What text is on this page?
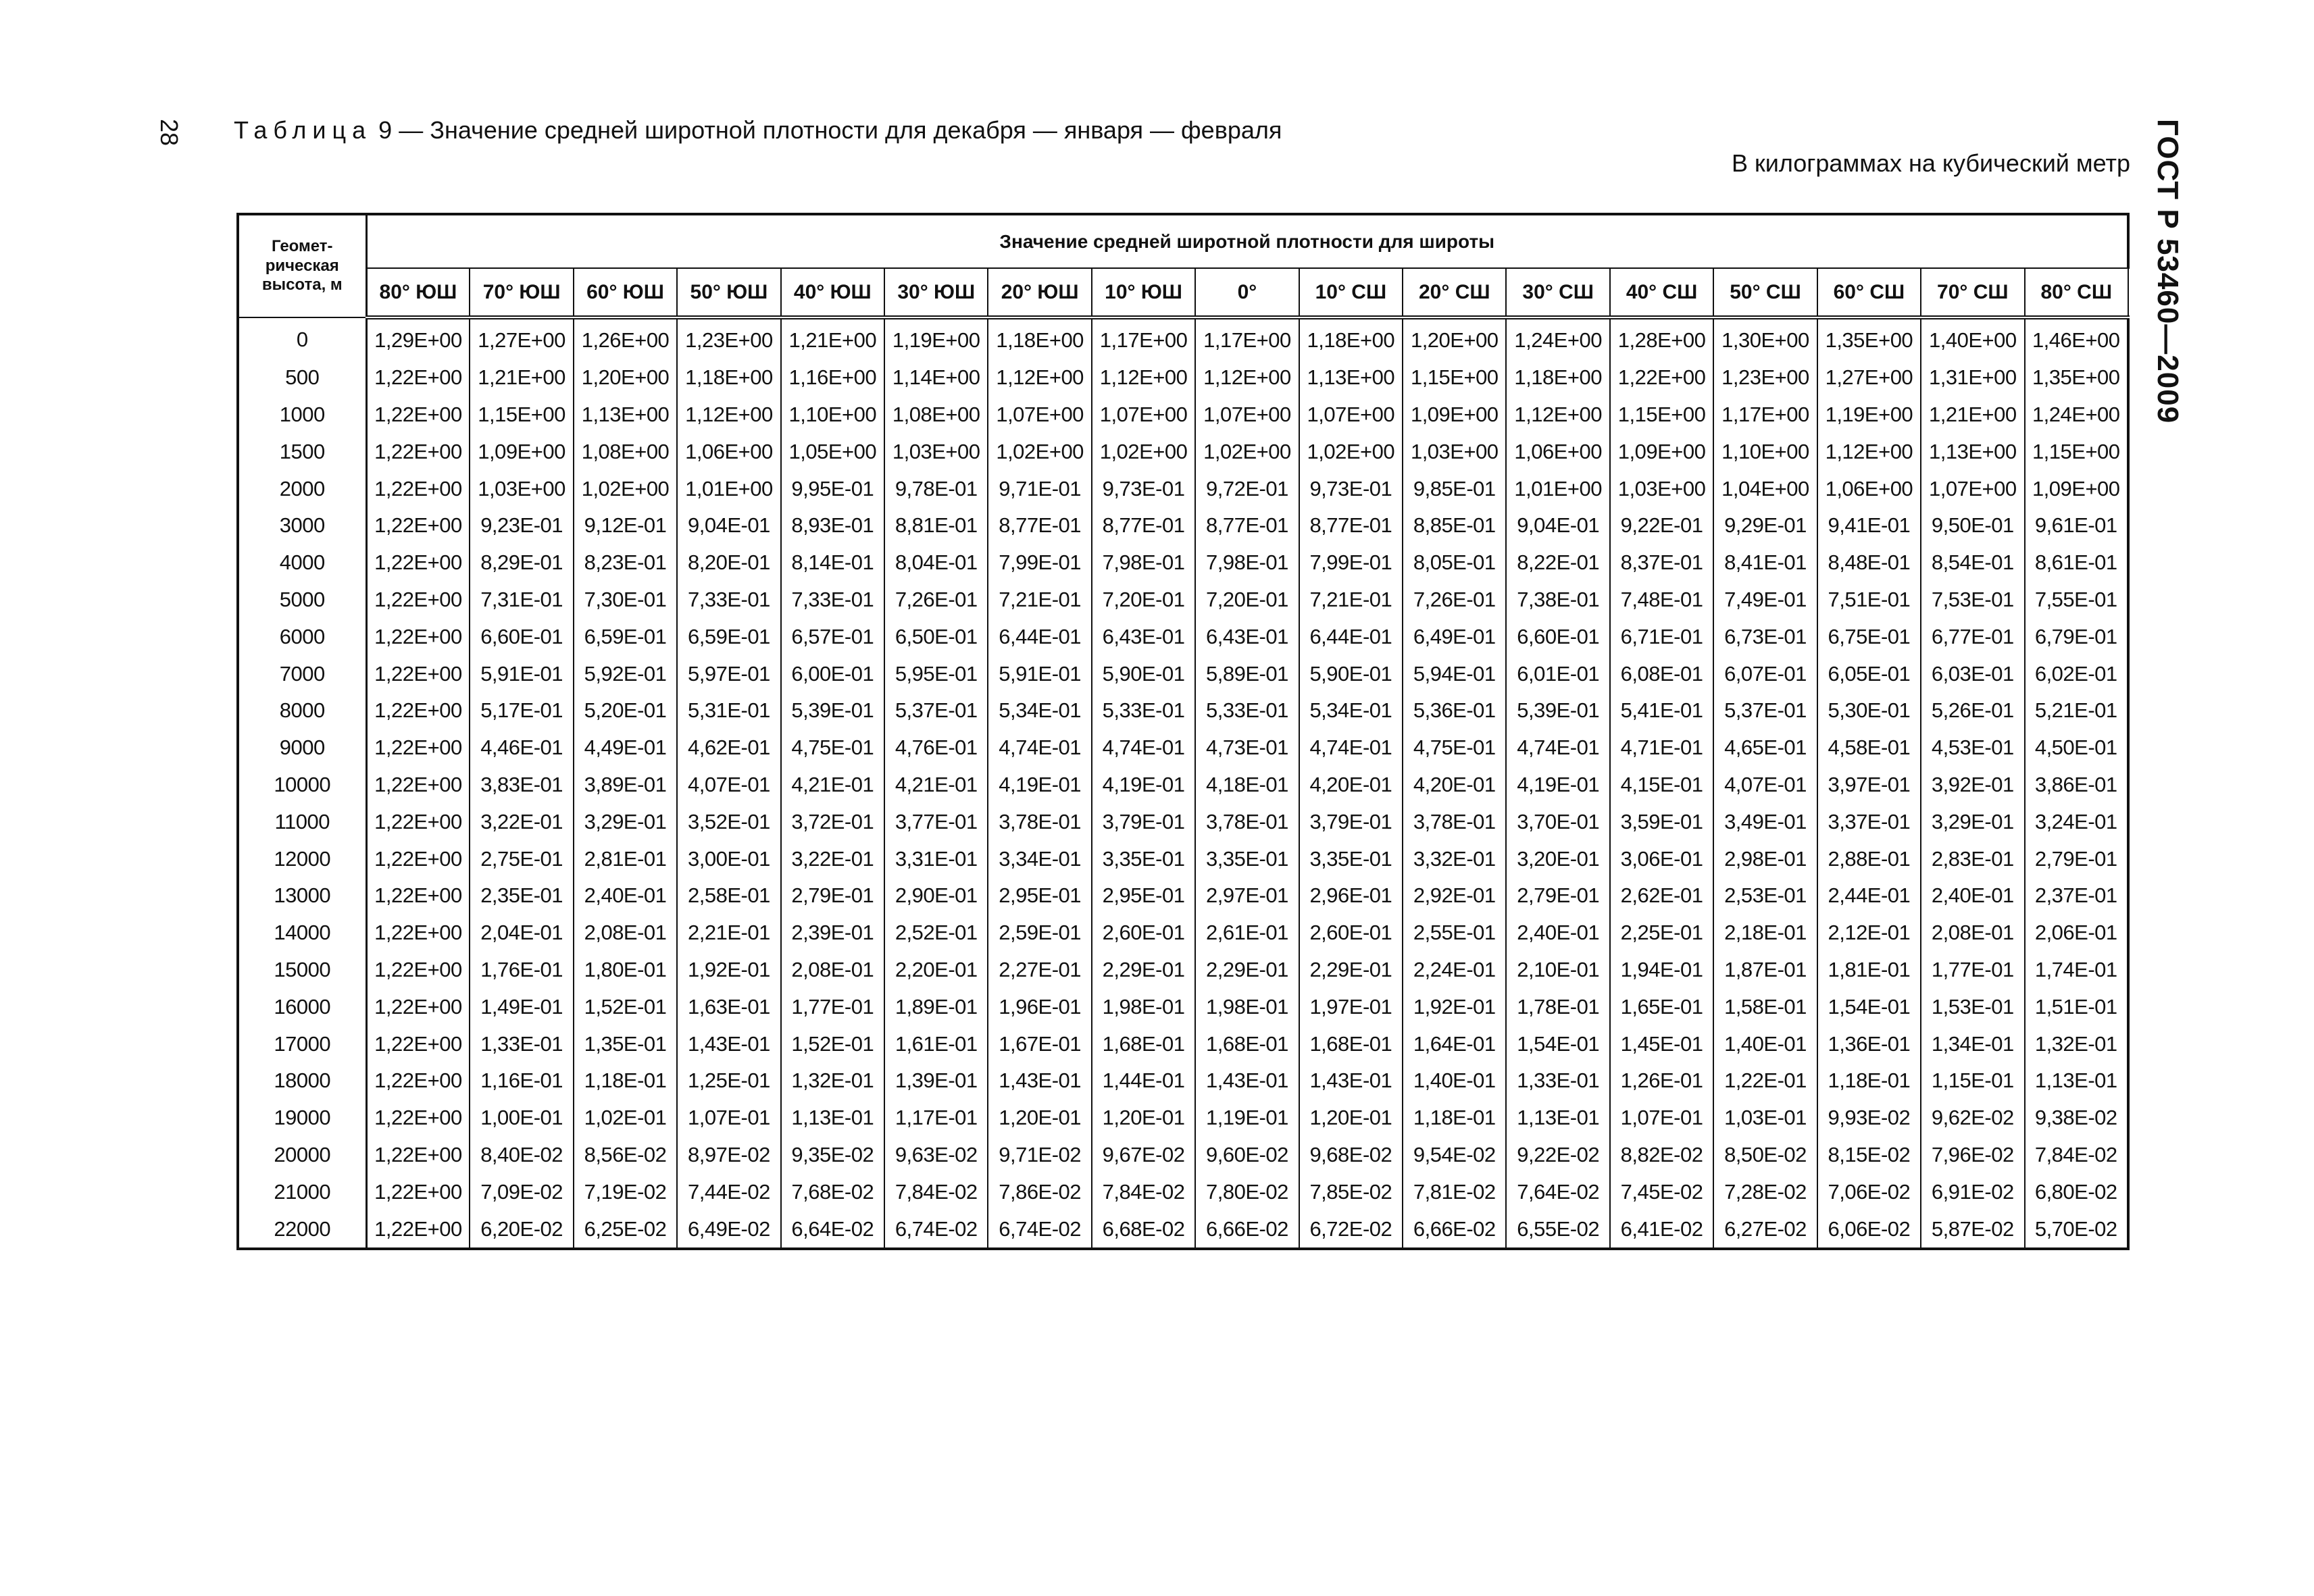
28	ГОСТ Р 53460—2009
Таблица 9 — Значение средней широтной плотности для декабря — января — февраля
В килограммах на кубический метр
Геомет-
рическая
высота, м	Значение средней широтной плотности для широты																
	80° ЮШ	70° ЮШ	60° ЮШ	50° ЮШ	40° ЮШ	30° ЮШ	20° ЮШ	10° ЮШ	0°	10° СШ	20° СШ	30° СШ	40° СШ	50° СШ	60° СШ	70° СШ	80° СШ
0	1,29E+00	1,27E+00	1,26E+00	1,23E+00	1,21E+00	1,19E+00	1,18E+00	1,17E+00	1,17E+00	1,18E+00	1,20E+00	1,24E+00	1,28E+00	1,30E+00	1,35E+00	1,40E+00	1,46E+00
500	1,22E+00	1,21E+00	1,20E+00	1,18E+00	1,16E+00	1,14E+00	1,12E+00	1,12E+00	1,12E+00	1,13E+00	1,15E+00	1,18E+00	1,22E+00	1,23E+00	1,27E+00	1,31E+00	1,35E+00
1000	1,22E+00	1,15E+00	1,13E+00	1,12E+00	1,10E+00	1,08E+00	1,07E+00	1,07E+00	1,07E+00	1,07E+00	1,09E+00	1,12E+00	1,15E+00	1,17E+00	1,19E+00	1,21E+00	1,24E+00
1500	1,22E+00	1,09E+00	1,08E+00	1,06E+00	1,05E+00	1,03E+00	1,02E+00	1,02E+00	1,02E+00	1,02E+00	1,03E+00	1,06E+00	1,09E+00	1,10E+00	1,12E+00	1,13E+00	1,15E+00
2000	1,22E+00	1,03E+00	1,02E+00	1,01E+00	9,95E-01	9,78E-01	9,71E-01	9,73E-01	9,72E-01	9,73E-01	9,85E-01	1,01E+00	1,03E+00	1,04E+00	1,06E+00	1,07E+00	1,09E+00
3000	1,22E+00	9,23E-01	9,12E-01	9,04E-01	8,93E-01	8,81E-01	8,77E-01	8,77E-01	8,77E-01	8,77E-01	8,85E-01	9,04E-01	9,22E-01	9,29E-01	9,41E-01	9,50E-01	9,61E-01
4000	1,22E+00	8,29E-01	8,23E-01	8,20E-01	8,14E-01	8,04E-01	7,99E-01	7,98E-01	7,98E-01	7,99E-01	8,05E-01	8,22E-01	8,37E-01	8,41E-01	8,48E-01	8,54E-01	8,61E-01
5000	1,22E+00	7,31E-01	7,30E-01	7,33E-01	7,33E-01	7,26E-01	7,21E-01	7,20E-01	7,20E-01	7,21E-01	7,26E-01	7,38E-01	7,48E-01	7,49E-01	7,51E-01	7,53E-01	7,55E-01
6000	1,22E+00	6,60E-01	6,59E-01	6,59E-01	6,57E-01	6,50E-01	6,44E-01	6,43E-01	6,43E-01	6,44E-01	6,49E-01	6,60E-01	6,71E-01	6,73E-01	6,75E-01	6,77E-01	6,79E-01
7000	1,22E+00	5,91E-01	5,92E-01	5,97E-01	6,00E-01	5,95E-01	5,91E-01	5,90E-01	5,89E-01	5,90E-01	5,94E-01	6,01E-01	6,08E-01	6,07E-01	6,05E-01	6,03E-01	6,02E-01
8000	1,22E+00	5,17E-01	5,20E-01	5,31E-01	5,39E-01	5,37E-01	5,34E-01	5,33E-01	5,33E-01	5,34E-01	5,36E-01	5,39E-01	5,41E-01	5,37E-01	5,30E-01	5,26E-01	5,21E-01
9000	1,22E+00	4,46E-01	4,49E-01	4,62E-01	4,75E-01	4,76E-01	4,74E-01	4,74E-01	4,73E-01	4,74E-01	4,75E-01	4,74E-01	4,71E-01	4,65E-01	4,58E-01	4,53E-01	4,50E-01
10000	1,22E+00	3,83E-01	3,89E-01	4,07E-01	4,21E-01	4,21E-01	4,19E-01	4,19E-01	4,18E-01	4,20E-01	4,20E-01	4,19E-01	4,15E-01	4,07E-01	3,97E-01	3,92E-01	3,86E-01
11000	1,22E+00	3,22E-01	3,29E-01	3,52E-01	3,72E-01	3,77E-01	3,78E-01	3,79E-01	3,78E-01	3,79E-01	3,78E-01	3,70E-01	3,59E-01	3,49E-01	3,37E-01	3,29E-01	3,24E-01
12000	1,22E+00	2,75E-01	2,81E-01	3,00E-01	3,22E-01	3,31E-01	3,34E-01	3,35E-01	3,35E-01	3,35E-01	3,32E-01	3,20E-01	3,06E-01	2,98E-01	2,88E-01	2,83E-01	2,79E-01
13000	1,22E+00	2,35E-01	2,40E-01	2,58E-01	2,79E-01	2,90E-01	2,95E-01	2,95E-01	2,97E-01	2,96E-01	2,92E-01	2,79E-01	2,62E-01	2,53E-01	2,44E-01	2,40E-01	2,37E-01
14000	1,22E+00	2,04E-01	2,08E-01	2,21E-01	2,39E-01	2,52E-01	2,59E-01	2,60E-01	2,61E-01	2,60E-01	2,55E-01	2,40E-01	2,25E-01	2,18E-01	2,12E-01	2,08E-01	2,06E-01
15000	1,22E+00	1,76E-01	1,80E-01	1,92E-01	2,08E-01	2,20E-01	2,27E-01	2,29E-01	2,29E-01	2,29E-01	2,24E-01	2,10E-01	1,94E-01	1,87E-01	1,81E-01	1,77E-01	1,74E-01
16000	1,22E+00	1,49E-01	1,52E-01	1,63E-01	1,77E-01	1,89E-01	1,96E-01	1,98E-01	1,98E-01	1,97E-01	1,92E-01	1,78E-01	1,65E-01	1,58E-01	1,54E-01	1,53E-01	1,51E-01
17000	1,22E+00	1,33E-01	1,35E-01	1,43E-01	1,52E-01	1,61E-01	1,67E-01	1,68E-01	1,68E-01	1,68E-01	1,64E-01	1,54E-01	1,45E-01	1,40E-01	1,36E-01	1,34E-01	1,32E-01
18000	1,22E+00	1,16E-01	1,18E-01	1,25E-01	1,32E-01	1,39E-01	1,43E-01	1,44E-01	1,43E-01	1,43E-01	1,40E-01	1,33E-01	1,26E-01	1,22E-01	1,18E-01	1,15E-01	1,13E-01
19000	1,22E+00	1,00E-01	1,02E-01	1,07E-01	1,13E-01	1,17E-01	1,20E-01	1,20E-01	1,19E-01	1,20E-01	1,18E-01	1,13E-01	1,07E-01	1,03E-01	9,93E-02	9,62E-02	9,38E-02
20000	1,22E+00	8,40E-02	8,56E-02	8,97E-02	9,35E-02	9,63E-02	9,71E-02	9,67E-02	9,60E-02	9,68E-02	9,54E-02	9,22E-02	8,82E-02	8,50E-02	8,15E-02	7,96E-02	7,84E-02
21000	1,22E+00	7,09E-02	7,19E-02	7,44E-02	7,68E-02	7,84E-02	7,86E-02	7,84E-02	7,80E-02	7,85E-02	7,81E-02	7,64E-02	7,45E-02	7,28E-02	7,06E-02	6,91E-02	6,80E-02
22000	1,22E+00	6,20E-02	6,25E-02	6,49E-02	6,64E-02	6,74E-02	6,74E-02	6,68E-02	6,66E-02	6,72E-02	6,66E-02	6,55E-02	6,41E-02	6,27E-02	6,06E-02	5,87E-02	5,70E-02
